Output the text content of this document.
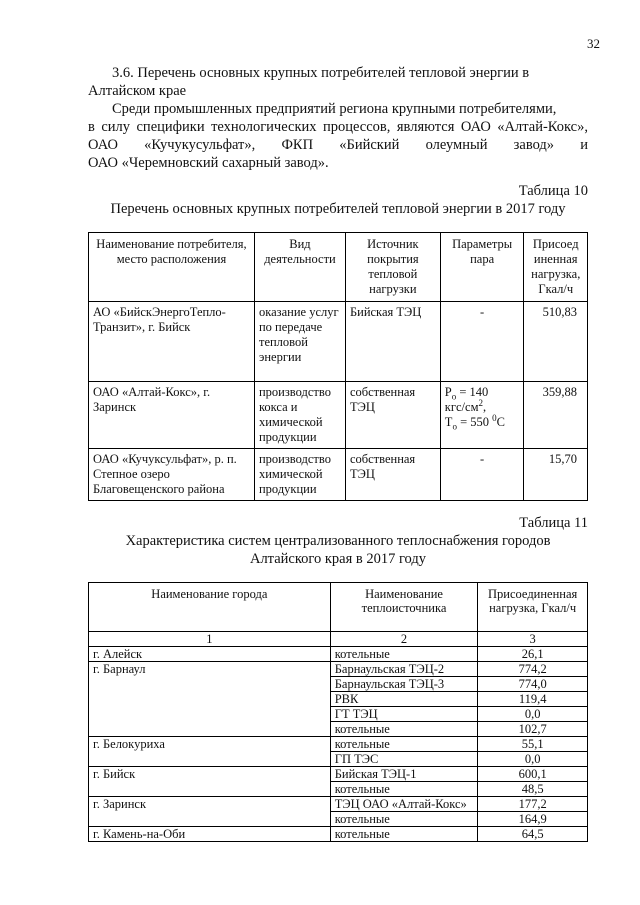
32
3.6. Перечень основных крупных потребителей тепловой энергии в
Алтайском крае
Среди промышленных предприятий региона крупными потребителями,
в силу специфики технологических процессов, являются ОАО «Алтай-Кокс»,
ОАО      «Кучукусульфат»,      ФКП      «Бийский      олеумный      завод»      и
ОАО «Черемновский сахарный завод».
Таблица 10
Перечень основных крупных потребителей тепловой энергии в 2017 году
Наименование потребителя, место расположения	Вид деятельности	Источник покрытия тепловой нагрузки	Параметры пара	Присоед иненная нагрузка, Гкал/ч
АО «БийскЭнергоТепло-Транзит», г. Бийск	оказание услуг по передаче тепловой энергии	Бийская ТЭЦ	-	510,83
ОАО «Алтай-Кокс», г. Заринск	производство кокса и химической продукции	собственная ТЭЦ	$P_o = 140$
кгс/$см^2$,
$T_o = 550$ $^0$С	359,88
ОАО «Кучуксульфат», р. п. Степное озеро Благовещенского района	производство химической продукции	собственная ТЭЦ	-	15,70
Таблица 11
Характеристика систем централизованного теплоснабжения городов
Алтайского края в 2017 году
Наименование города	Наименование теплоисточника	Присоединенная нагрузка, Гкал/ч
1	2	3
г. Алейск	котельные	26,1
г. Барнаул	Барнаульская ТЭЦ-2	774,2
	Барнаульская ТЭЦ-3	774,0
	РВК	119,4
	ГТ ТЭЦ	0,0
	котельные	102,7
г. Белокуриха	котельные	55,1
	ГП ТЭС	0,0
г. Бийск	Бийская ТЭЦ-1	600,1
	котельные	48,5
г. Заринск	ТЭЦ ОАО «Алтай-Кокс»	177,2
	котельные	164,9
г. Камень-на-Оби	котельные	64,5
